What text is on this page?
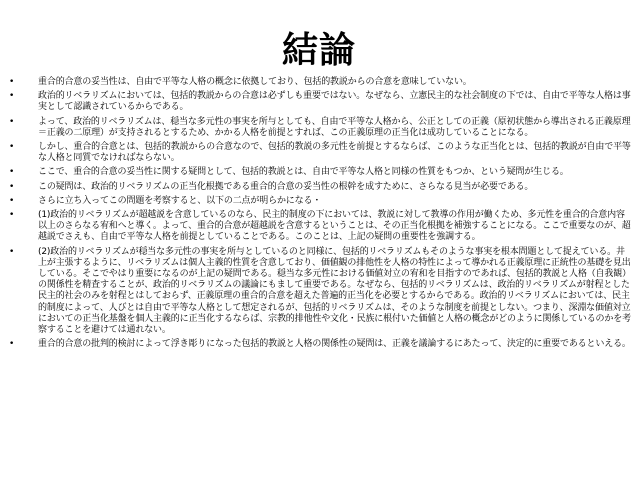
結論
•	重合的合意の妥当性は、自由で平等な人格の概念に依拠しており、包括的教説からの合意を意味していない。
•	政治的リベラリズムにおいては、包括的教説からの合意は必ずしも重要ではない。なぜなら、立憲民主的な社会制度の下では、自由で平等な人格は事実として認識されているからである。
•	よって、政治的リベラリズムは、穏当な多元性の事実を所与としても、自由で平等な人格から、公正としての正義（原初状態から導出される正義原理＝正義の二原理）が支持されるとするため、かかる人格を前提とすれば、この正義原理の正当化は成功していることになる。
•	しかし、重合的合意とは、包括的教説からの合意なので、包括的教説の多元性を前提とするならば、このような正当化とは、包括的教説が自由で平等な人格と同質でなければならない。
•	ここで、重合的合意の妥当性に関する疑問として、包括的教説とは、自由で平等な人格と同様の性質をもつか、という疑問が生じる。
•	この疑問は、政治的リベラリズムの正当化根拠である重合的合意の妥当性の根幹を成すために、さらなる見当が必要である。
•	さらに立ち入ってこの問題を考察すると、以下の二点が明らかになる・
•	(1)政治的リベラリズムが超越説を含意しているのなら、民主的制度の下においては、教説に対して教導の作用が働くため、多元性を重合的合意内容以上のさらなる宥和へと導く。よって、重合的合意が超越説を含意するということは、その正当化根拠を補強することになる。ここで重要なのが、超越説でさえも、自由で平等な人格を前提としていることである。このことは、上記の疑問の重要性を強調する。
•	(2)政治的リベラリズムが穏当な多元性の事実を所与としているのと同様に、包括的リベラリズムもそのような事実を根本問題として捉えている。井上が主張するように、リベラリズムは個人主義的性質を含意しており、価値観の排他性を人格の特性によって導かれる正義原理に正統性の基礎を見出している。そこでやはり重要になるのが上記の疑問である。穏当な多元性における価値対立の宥和を目指すのであれば、包括的教説と人格（自我観）の関係性を精査することが、政治的リベラリズムの議論にもまして重要である。なぜなら、包括的リベラリズムは、政治的リベラリズムが射程とした民主的社会のみを射程とはしておらず、正義原理の重合的合意を超えた普遍的正当化を必要とするからである。政治的リベラリズムにおいては、民主的制度によって、人びとは自由で平等な人格として想定されるが、包括的リベラリズムは、そのような制度を前提としない。つまり、深淵な価値対立においての正当化基盤を個人主義的に正当化するならば、宗教的排他性や文化・民族に根付いた価値と人格の概念がどのように関係しているのかを考察することを避けては通れない。
•	重合的合意の批判的検討によって浮き彫りになった包括的教説と人格の関係性の疑問は、正義を議論するにあたって、決定的に重要であるといえる。
